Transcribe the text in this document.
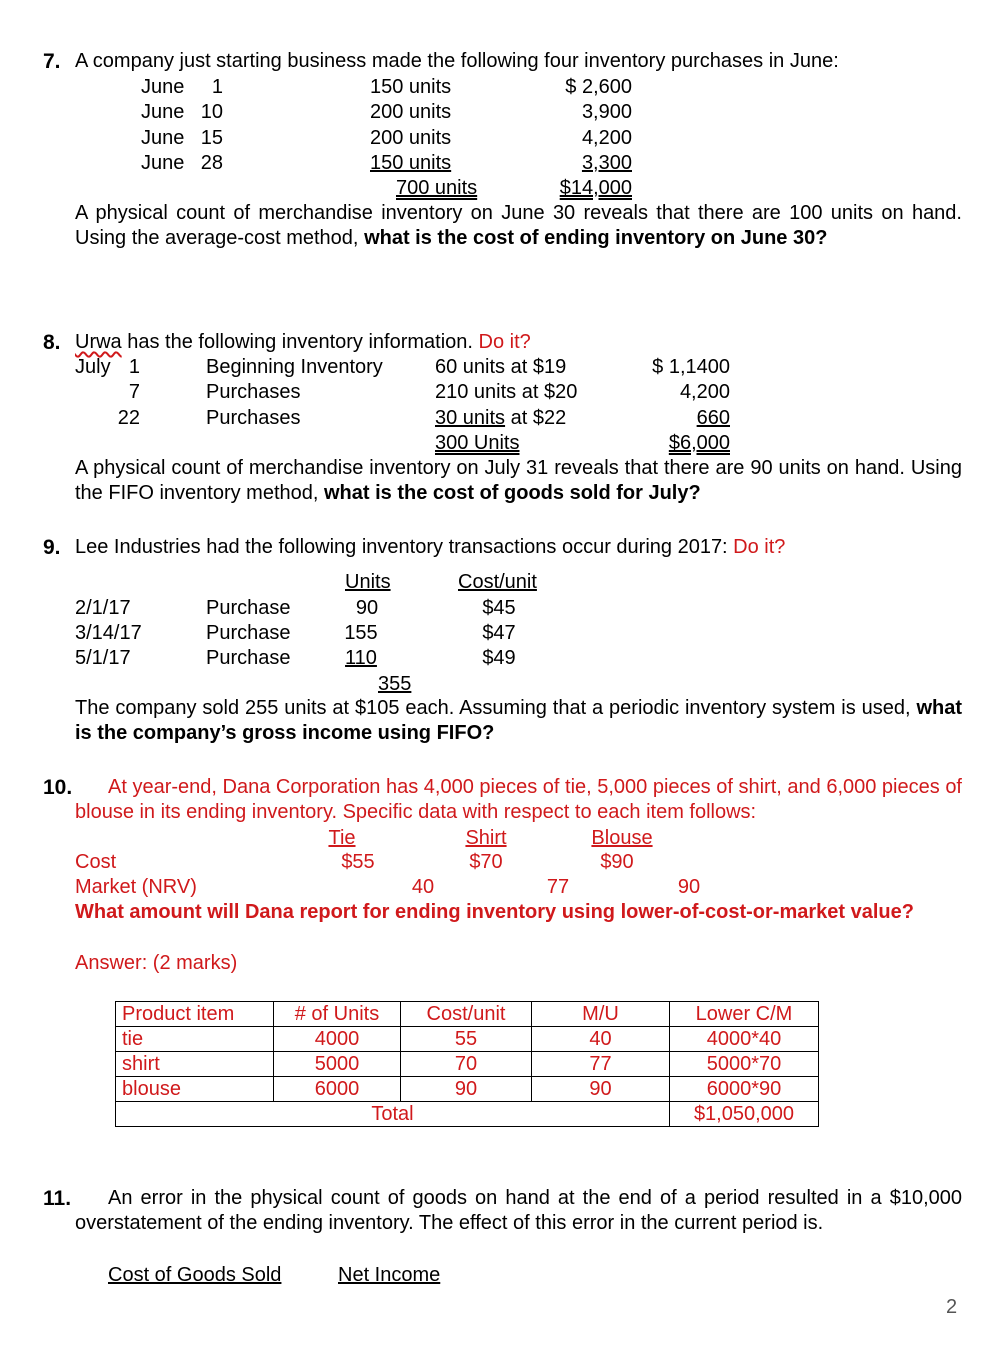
7. A company just starting business made the following four inventory purchases in June:
June	1	150 units	$ 2,600
June 10	200 units	3,900
June 15	200 units	4,200
June 28	150 units	3,300
700 units	$14,000
A physical count of merchandise inventory on June 30 reveals that there are 100 units on hand. Using the average-cost method, what is the cost of ending inventory on June 30?
8. Urwa has the following inventory information. Do it?
July 1	Beginning Inventory	60 units at $19	$ 1,1400
7	Purchases	210 units at $20	4,200
22	Purchases	30 units at $22	660
300 Units	$6,000
A physical count of merchandise inventory on July 31 reveals that there are 90 units on hand. Using the FIFO inventory method, what is the cost of goods sold for July?
9. Lee Industries had the following inventory transactions occur during 2017: Do it?
Units	Cost/unit
2/1/17	Purchase	90	$45
3/14/17	Purchase	155	$47
5/1/17	Purchase	110	$49
355
The company sold 255 units at $105 each. Assuming that a periodic inventory system is used, what is the company’s gross income using FIFO?
10.	At year-end, Dana Corporation has 4,000 pieces of tie, 5,000 pieces of shirt, and 6,000 pieces of blouse in its ending inventory. Specific data with respect to each item follows:
Tie	Shirt	Blouse
Cost	$55	$70	$90
Market (NRV)	40	77	90
What amount will Dana report for ending inventory using lower-of-cost-or-market value?
Answer: (2 marks)
Product item	# of Units	Cost/unit	M/U	Lower C/M
tie	4000	55	40	4000*40
shirt	5000	70	77	5000*70
blouse	6000	90	90	6000*90
Total				$1,050,000
11.	An error in the physical count of goods on hand at the end of a period resulted in a $10,000 overstatement of the ending inventory. The effect of this error in the current period is.
Cost of Goods Sold	Net Income
2
